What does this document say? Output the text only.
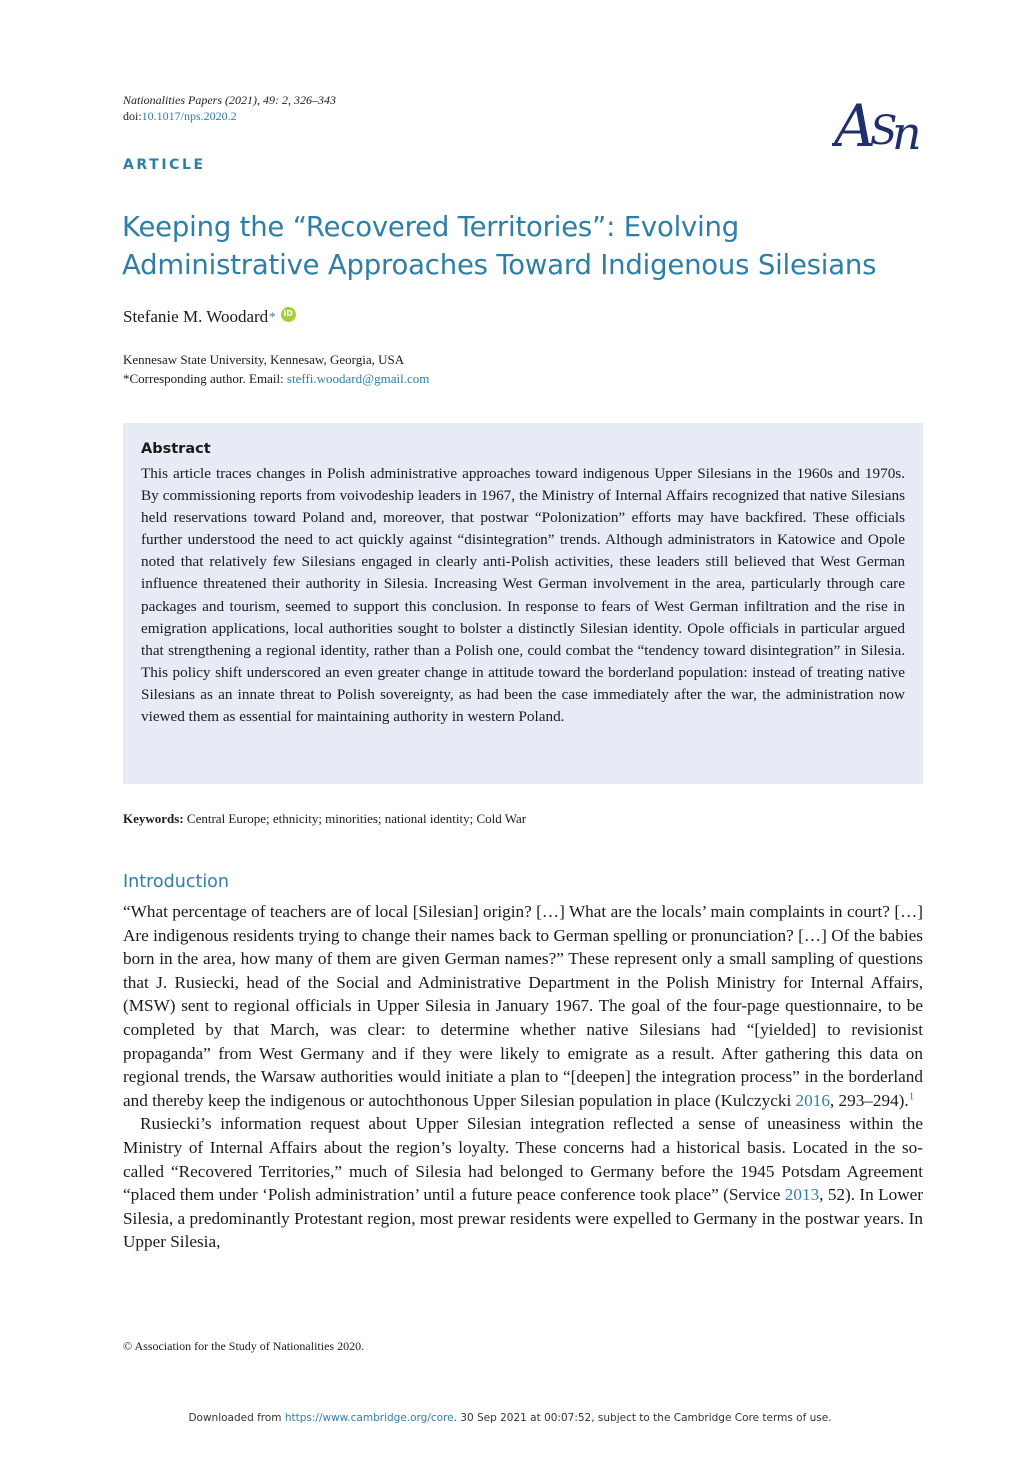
Nationalities Papers (2021), 49: 2, 326–343
doi:10.1017/nps.2020.2	A
S
n
ARTICLE
Keeping the “Recovered Territories”: Evolving
Administrative Approaches Toward Indigenous Silesians
Stefanie M. Woodard * iD
Kennesaw State University, Kennesaw, Georgia, USA
*Corresponding author. Email: steffi.woodard@gmail.com
Abstract
This article traces changes in Polish administrative approaches toward indigenous Upper Silesians in the 1960s and 1970s. By commissioning reports from voivodeship leaders in 1967, the Ministry of Internal Affairs recognized that native Silesians held reservations toward Poland and, moreover, that postwar “Polonization” efforts may have backfired. These officials further understood the need to act quickly against “disintegration” trends. Although administrators in Katowice and Opole noted that relatively few Silesians engaged in clearly anti-Polish activities, these leaders still believed that West German influence threatened their authority in Silesia. Increasing West German involvement in the area, particularly through care packages and tourism, seemed to support this conclusion. In response to fears of West German infiltration and the rise in emigration applications, local authorities sought to bolster a distinctly Silesian identity. Opole officials in particular argued that strengthening a regional identity, rather than a Polish one, could combat the “tendency toward disintegration” in Silesia. This policy shift underscored an even greater change in attitude toward the borderland population: instead of treating native Silesians as an innate threat to Polish sovereignty, as had been the case immediately after the war, the administration now viewed them as essential for maintaining authority in western Poland.
Keywords: Central Europe; ethnicity; minorities; national identity; Cold War
Introduction

“What percentage of teachers are of local [Silesian] origin? […] What are the locals’ main complaints in court? […] Are indigenous residents trying to change their names back to German spelling or pronunciation? […] Of the babies born in the area, how many of them are given German names?” These represent only a small sampling of questions that J. Rusiecki, head of the Social and Administrative Department in the Polish Ministry for Internal Affairs, (MSW) sent to regional officials in Upper Silesia in January 1967. The goal of the four-page questionnaire, to be completed by that March, was clear: to determine whether native Silesians had “[yielded] to revisionist propaganda” from West Germany and if they were likely to emigrate as a result. After gathering this data on regional trends, the Warsaw authorities would initiate a plan to “[deepen] the integration process” in the borderland and thereby keep the indigenous or autochthonous Upper Silesian population in place (Kulczycki 2016, 293–294).$^1$

Rusiecki’s information request about Upper Silesian integration reflected a sense of uneasiness within the Ministry of Internal Affairs about the region’s loyalty. These concerns had a historical basis. Located in the so-called “Recovered Territories,” much of Silesia had belonged to Germany before the 1945 Potsdam Agreement “placed them under ‘Polish administration’ until a future peace conference took place” (Service 2013, 52). In Lower Silesia, a predominantly Protestant region, most prewar residents were expelled to Germany in the postwar years. In Upper Silesia,

© Association for the Study of Nationalities 2020.
Downloaded from https://www.cambridge.org/core. 30 Sep 2021 at 00:07:52, subject to the Cambridge Core terms of use.
